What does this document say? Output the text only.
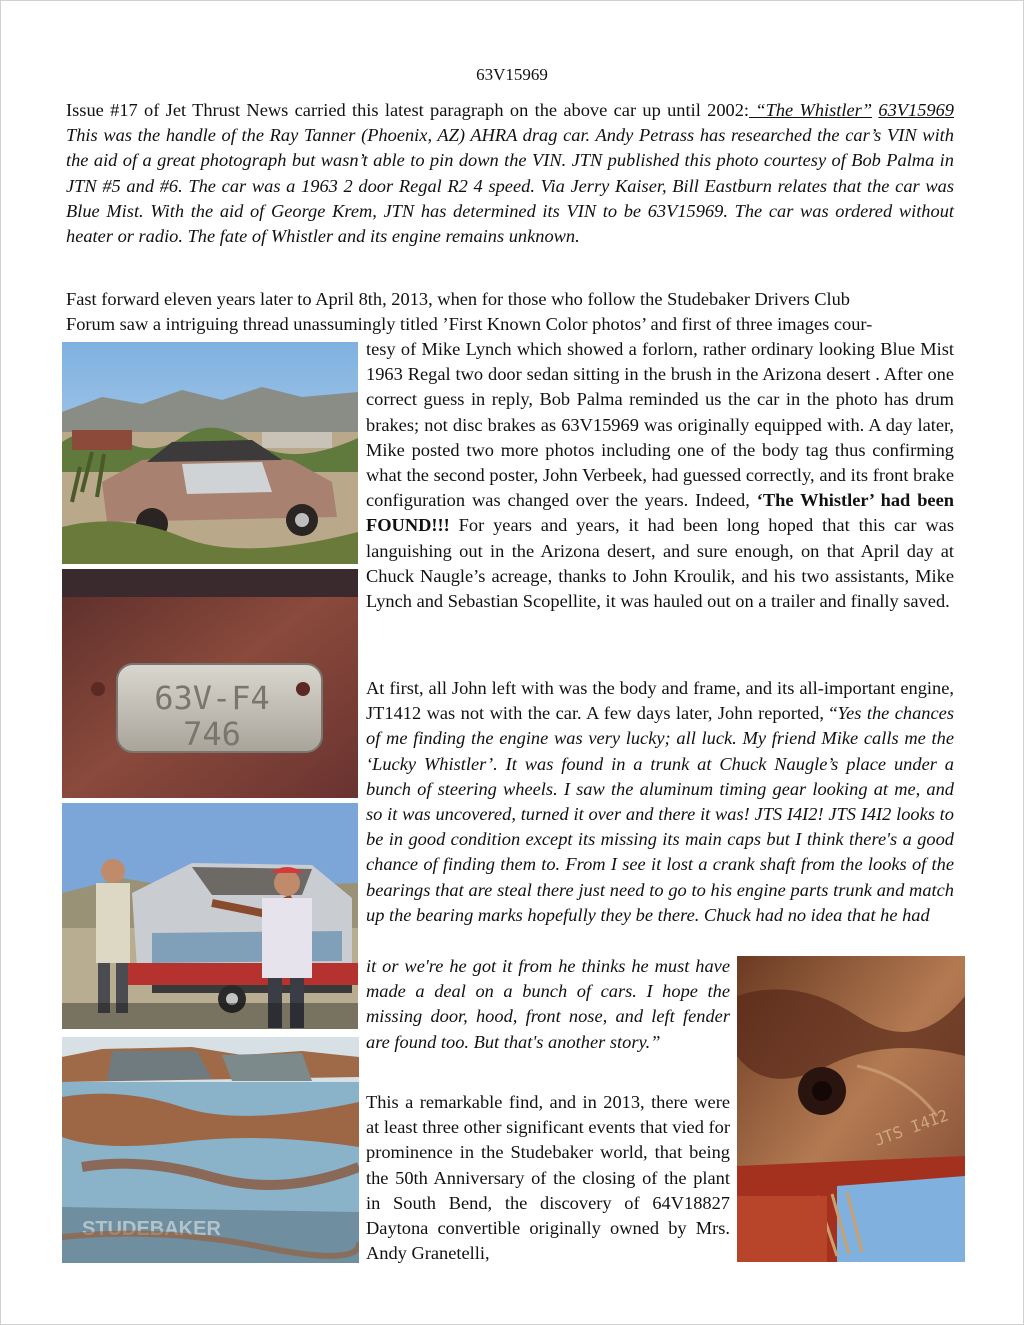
63V15969

Issue #17 of Jet Thrust News carried this latest paragraph on the above car up until 2002: “The Whistler” 63V15969 This was the handle of the Ray Tanner (Phoenix, AZ) AHRA drag car. Andy Petrass has researched the car’s VIN with the aid of a great photograph but wasn’t able to pin down the VIN. JTN published this photo courtesy of Bob Palma in JTN #5 and #6. The car was a 1963 2 door Regal R2 4 speed. Via Jerry Kaiser, Bill Eastburn relates that the car was Blue Mist. With the aid of George Krem, JTN has determined its VIN to be 63V15969. The car was ordered without heater or radio. The fate of Whistler and its engine remains unknown.

Fast forward eleven years later to April 8th, 2013, when for those who follow the Studebaker Drivers Club

Forum saw a intriguing thread unassumingly titled ’First Known Color photos’ and first of three images cour-

tesy of Mike Lynch which showed a forlorn, rather ordinary looking Blue Mist 1963 Regal two door sedan sitting in the brush in the Arizona desert . After one correct guess in reply, Bob Palma reminded us the car in the photo has drum brakes; not disc brakes as 63V15969 was originally equipped with. A day later, Mike posted two more photos including one of the body tag thus confirming what the second poster, John Verbeek, had guessed correctly, and its front brake configuration was changed over the years. Indeed, ‘The Whistler’ had been FOUND!!! For years and years, it had been long hoped that this car was languishing out in the Arizona desert, and sure enough, on that April day at Chuck Naugle’s acreage, thanks to John Kroulik, and his two assistants, Mike Lynch and Sebastian Scopellite, it was hauled out on a trailer and finally saved.

At first, all John left with was the body and frame, and its all-important engine, JT1412 was not with the car. A few days later, John reported, “Yes the chances of me finding the engine was very lucky; all luck. My friend Mike calls me the ‘Lucky Whistler’. It was found in a trunk at Chuck Naugle’s place under a bunch of steering wheels. I saw the aluminum timing gear looking at me, and so it was uncovered, turned it over and there it was! JTS I4I2! JTS I4I2 looks to be in good condition except its missing its main caps but I think there's a good chance of finding them to. From I see it lost a crank shaft from the looks of the bearings that are steal there just need to go to his engine parts trunk and match up the bearing marks hopefully they be there. Chuck had no idea that he had

it or we're he got it from he thinks he must have made a deal on a bunch of cars. I hope the missing door, hood, front nose, and left fender are found too. But that's another story.”

This a remarkable find, and in 2013, there were at least three other significant events that vied for prominence in the Studebaker world, that being the 50th Anniversary of the closing of the plant in South Bend, the discovery of 64V18827 Daytona convertible originally owned by Mrs. Andy Granetelli,

63V-F4
746
STUDEBAKER
JTS I4I2
